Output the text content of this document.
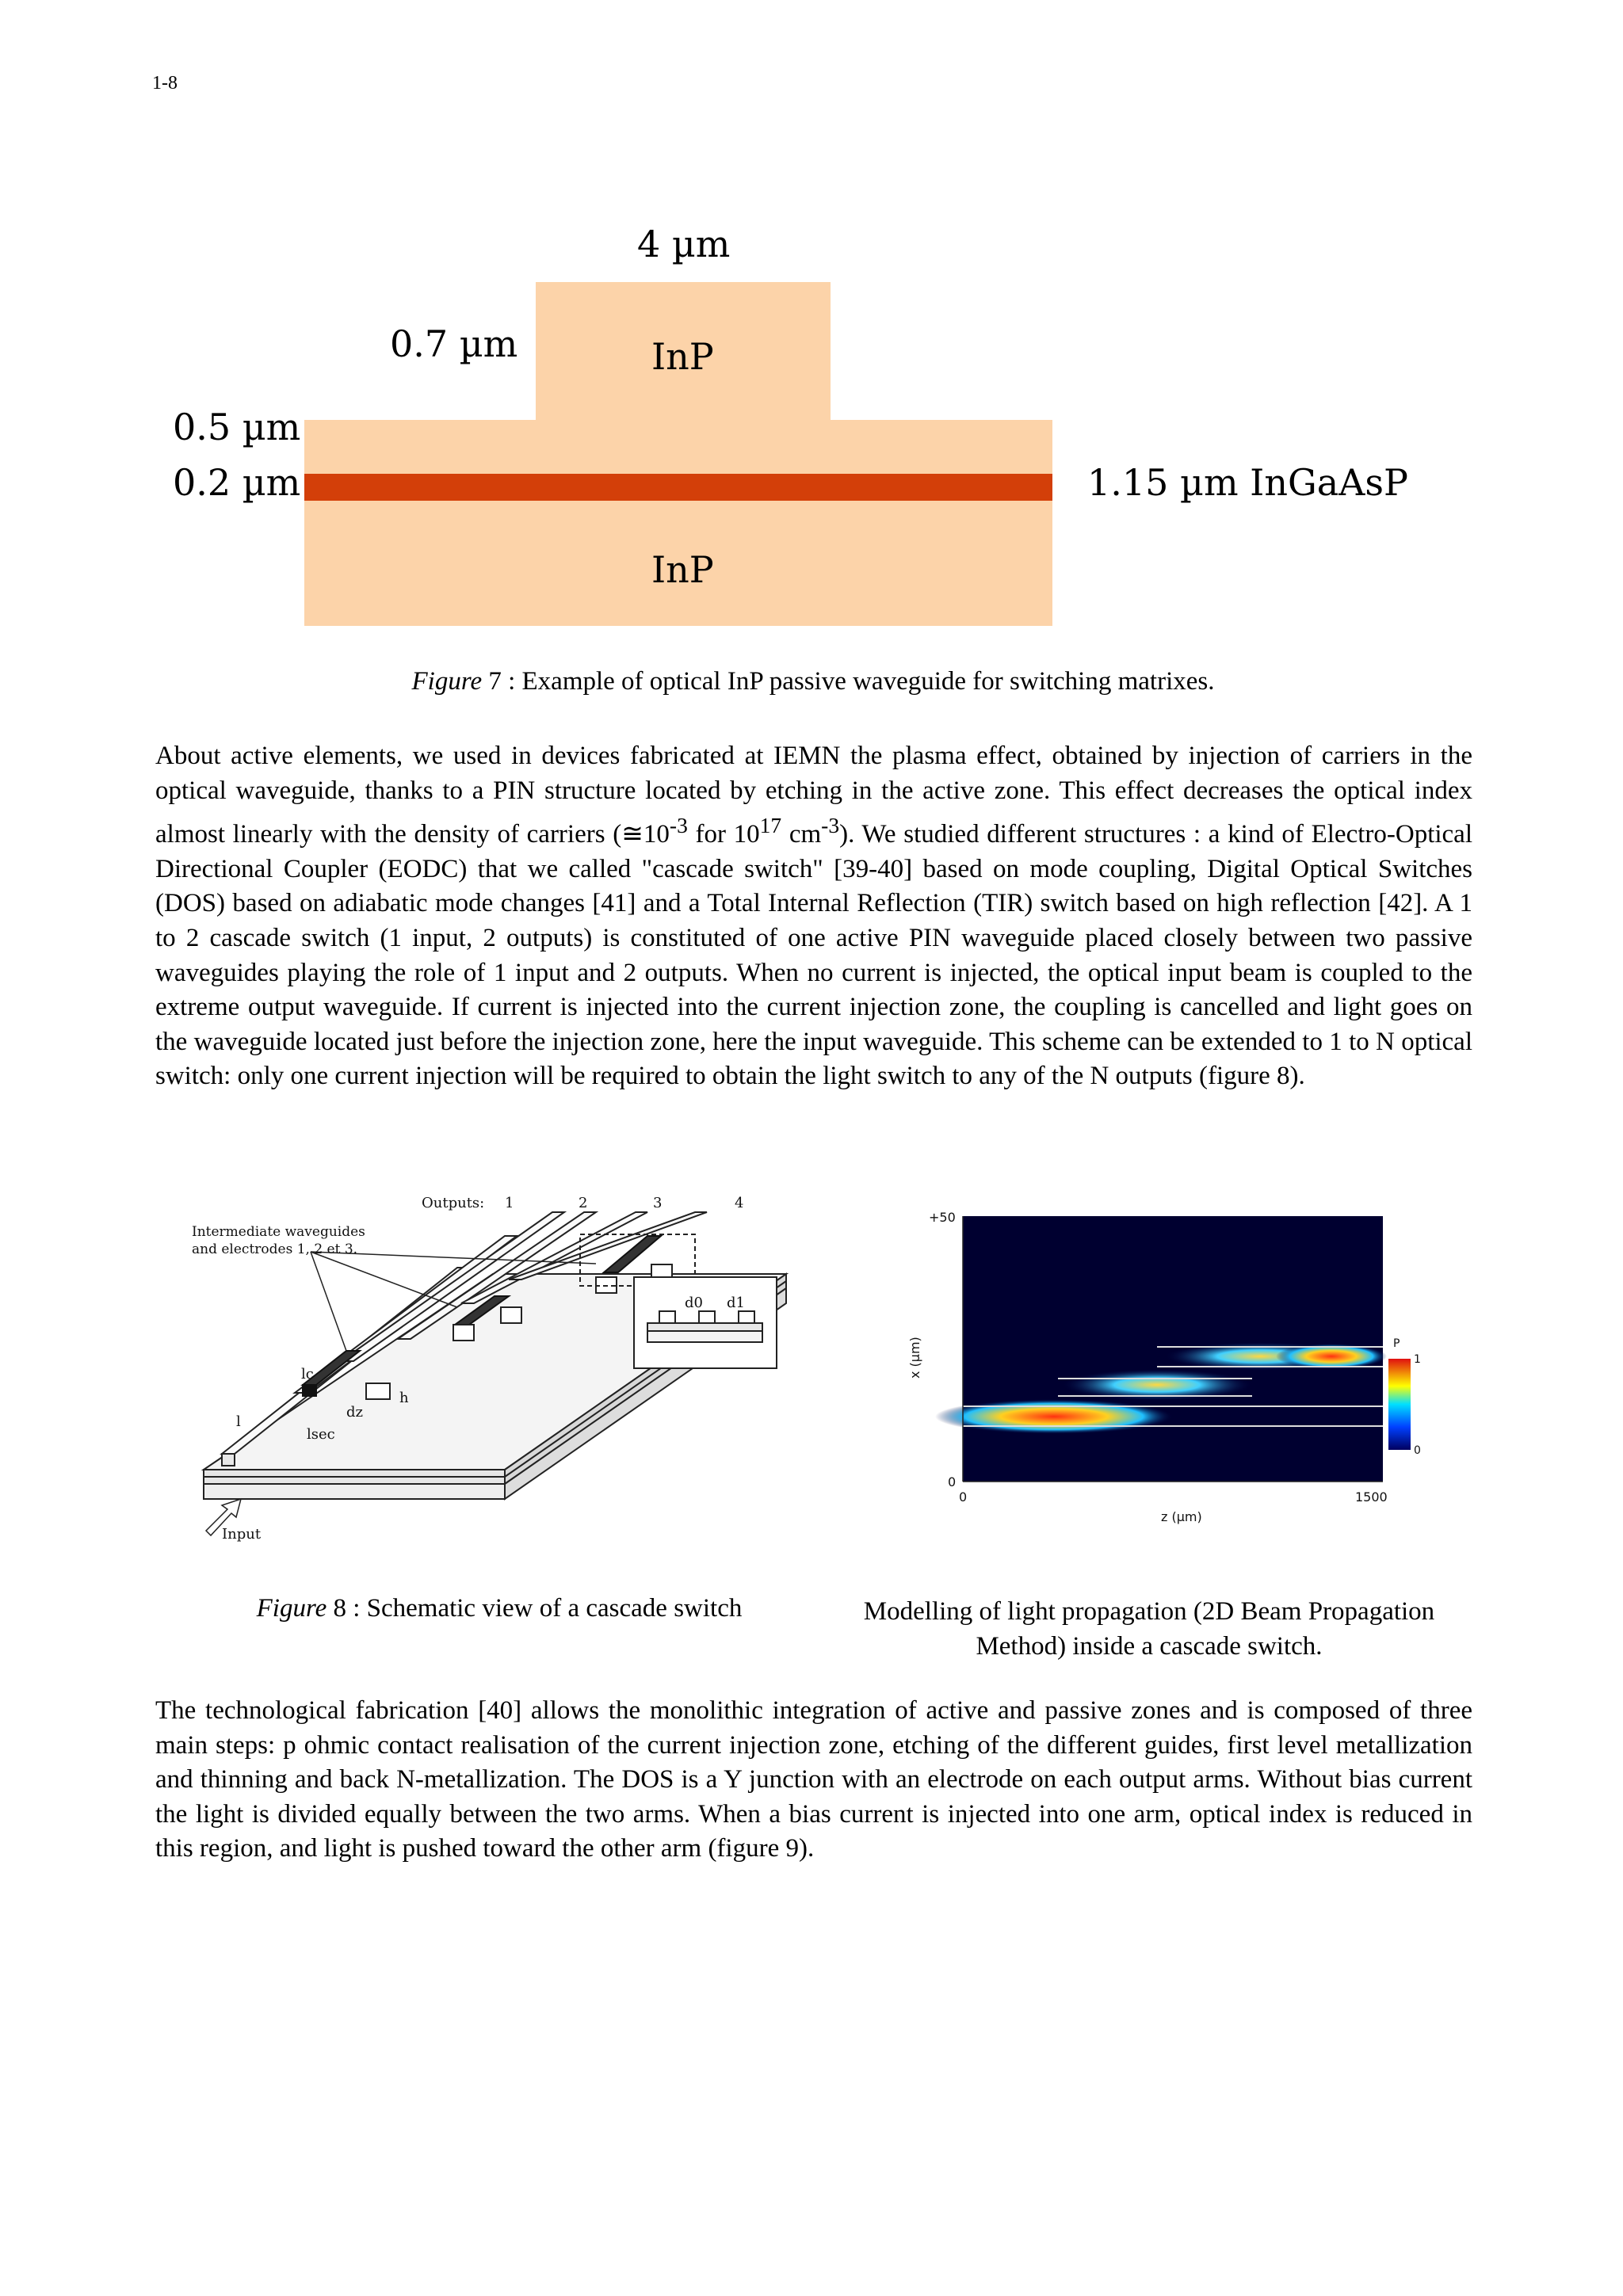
1-8
4 µm
0.7 µm	InP
0.5 µm
0.2 µm	1.15 µm InGaAsP
InP
Figure 7 : Example of optical InP passive waveguide for switching matrixes.

About active elements, we used in devices fabricated at IEMN the plasma effect, obtained by injection of carriers in the optical waveguide, thanks to a PIN structure located by etching in the active zone. This effect decreases the optical index almost linearly with the density of carriers ($≅10^{-3}$ for $10^{17}$ $cm^{-3}$). We studied different structures : a kind of Electro-Optical Directional Coupler (EODC) that we called "cascade switch" [39-40] based on mode coupling, Digital Optical Switches (DOS) based on adiabatic mode changes [41] and a Total Internal Reflection (TIR) switch based on high reflection [42]. A 1 to 2 cascade switch (1 input, 2 outputs) is constituted of one active PIN waveguide placed closely between two passive waveguides playing the role of 1 input and 2 outputs. When no current is injected, the optical input beam is coupled to the extreme output waveguide. If current is injected into the current injection zone, the coupling is cancelled and light goes on the waveguide located just before the injection zone, here the input waveguide. This scheme can be extended to 1 to N optical switch: only one current injection will be required to obtain the light switch to any of the N outputs (figure 8).

Outputs: 1	2	3	4
Intermediate waveguides
and electrodes 1, 2 et 3.
lc
l
dz
h
lsec
d0 d1
Input
+50
0
0	1500
z (µm)
x (µm)	P
1
0
Figure 8 : Schematic view of a cascade switch	Modelling of light propagation (2D Beam Propagation Method) inside a cascade switch.

The technological fabrication [40] allows the monolithic integration of active and passive zones and is composed of three main steps: p ohmic contact realisation of the current injection zone, etching of the different guides, first level metallization and thinning and back N-metallization. The DOS is a Y junction with an electrode on each output arms. Without bias current the light is divided equally between the two arms. When a bias current is injected into one arm, optical index is reduced in this region, and light is pushed toward the other arm (figure 9).
